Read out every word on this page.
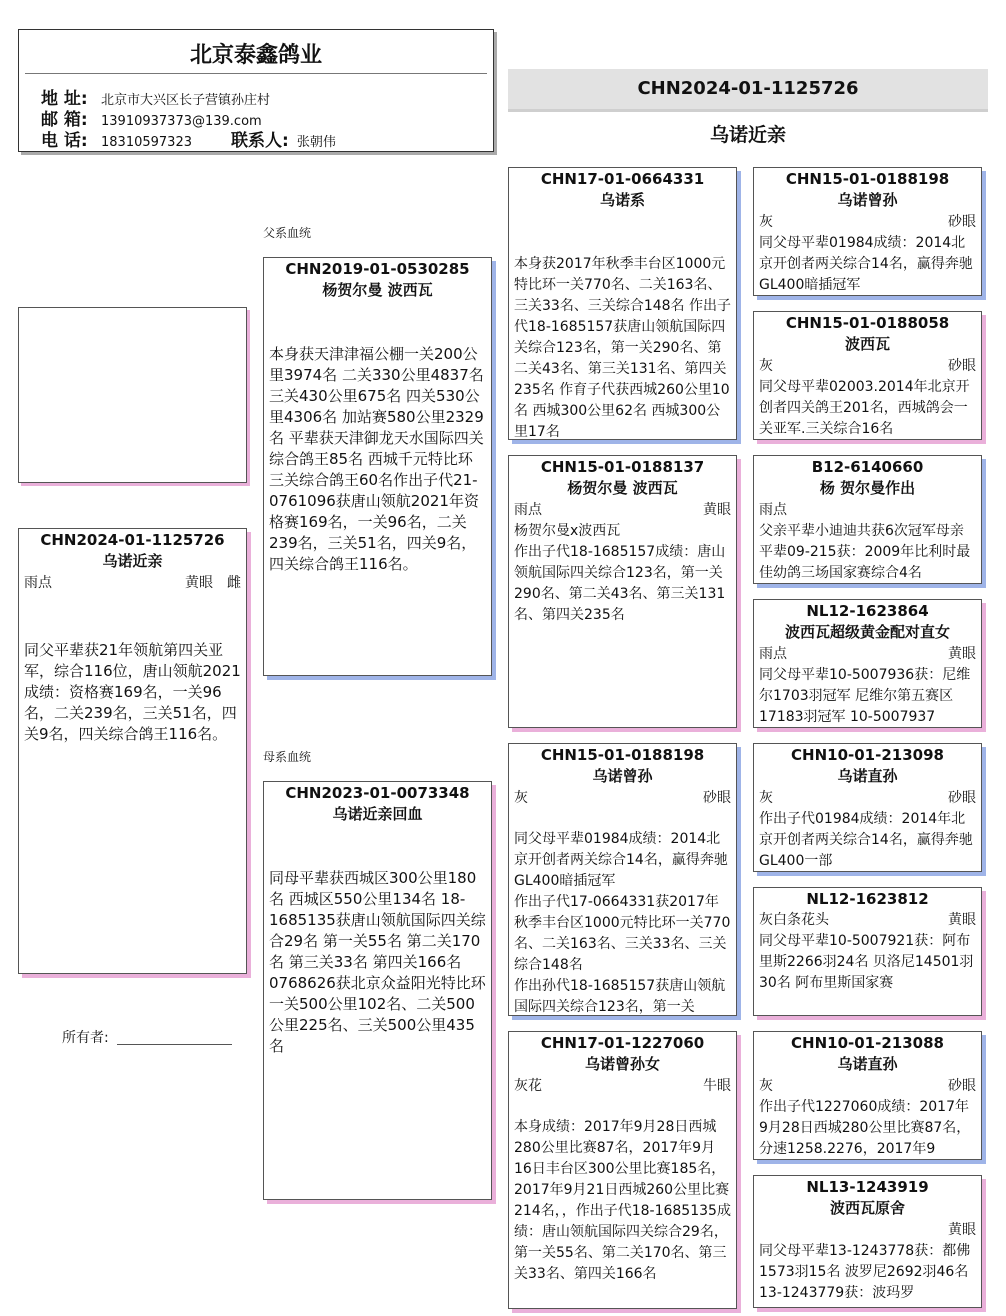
北京泰鑫鸽业
地 址: 北京市大兴区长子营镇孙庄村
邮 箱: 13910937373@139.com
电 话: 18310597323 联系人: 张朝伟
CHN2024-01-1125726
乌诺近亲
CHN2024-01-1125726
乌诺近亲
雨点	黄眼 雌
同父平辈获21年领航第四关亚军，综合116位，唐山领航2021成绩：资格赛169名，一关96名，二关239名，三关51名，四关9名，四关综合鸽王116名。
所有者:
父系血统
CHN2019-01-0530285
杨贺尔曼 波西瓦
本身获天津津福公棚一关200公里3974名 二关330公里4837名 三关430公里675名 四关530公里4306名 加站赛580公里2329名 平辈获天津御龙天水国际四关综合鸽王85名 西城千元特比环三关综合鸽王60名作出子代21-0761096获唐山领航2021年资格赛169名，一关96名，二关239名，三关51名，四关9名，四关综合鸽王116名。
母系血统
CHN2023-01-0073348
乌诺近亲回血
同母平辈获西城区300公里180名 西城区550公里134名 18-1685135获唐山领航国际四关综合29名 第一关55名 第二关170名 第三关33名 第四关166名 0768626获北京众益阳光特比环一关500公里102名、二关500公里225名、三关500公里435名
CHN17-01-0664331
乌诺系
本身获2017年秋季丰台区1000元特比环一关770名、二关163名、三关33名、三关综合148名 作出子代18-1685157获唐山领航国际四关综合123名，第一关290名、第二关43名、第三关131名、第四关235名 作育子代获西城260公里10名 西城300公里62名 西城300公里17名
CHN15-01-0188137
杨贺尔曼 波西瓦
雨点	黄眼
杨贺尔曼x波西瓦
作出子代18-1685157成绩：唐山领航国际四关综合123名，第一关290名、第二关43名、第三关131名、第四关235名
CHN15-01-0188198
乌诺曾孙
灰	砂眼
同父母平辈01984成绩：2014北京开创者两关综合14名，赢得奔驰GL400暗插冠军
作出子代17-0664331获2017年秋季丰台区1000元特比环一关770名、二关163名、三关33名、三关综合148名
作出孙代18-1685157获唐山领航国际四关综合123名，第一关
CHN17-01-1227060
乌诺曾孙女
灰花	牛眼
本身成绩：2017年9月28日西城280公里比赛87名，2017年9月16日丰台区300公里比赛185名，2017年9月21日西城260公里比赛214名，，作出子代18-1685135成绩：唐山领航国际四关综合29名，第一关55名、第二关170名、第三关33名、第四关166名
CHN15-01-0188198
乌诺曾孙
灰	砂眼
同父母平辈01984成绩：2014北京开创者两关综合14名，赢得奔驰GL400暗插冠军
CHN15-01-0188058
波西瓦
灰	砂眼
同父母平辈02003.2014年北京开创者四关鸽王201名，西城鸽会一关亚军.三关综合16名
B12-6140660
杨 贺尔曼作出
雨点
父亲平辈小迪迪共获6次冠军母亲平辈09-215获：2009年比利时最佳幼鸽三场国家赛综合4名
NL12-1623864
波西瓦超级黄金配对直女
雨点	黄眼
同父母平辈10-5007936获：尼维尔1703羽冠军 尼维尔第五赛区17183羽冠军 10-5007937
CHN10-01-213098
乌诺直孙
灰	砂眼
作出子代01984成绩：2014年北京开创者两关综合14名，赢得奔驰GL400一部
NL12-1623812
灰白条花头	黄眼
同父母平辈10-5007921获：阿布里斯2266羽24名 贝洛尼14501羽30名 阿布里斯国家赛
CHN10-01-213088
乌诺直孙
灰	砂眼
作出子代1227060成绩：2017年9月28日西城280公里比赛87名，分速1258.2276，2017年9
NL13-1243919
波西瓦原舍
黄眼
同父母平辈13-1243778获：都佛1573羽15名 波罗尼2692羽46名 13-1243779获：波玛罗
